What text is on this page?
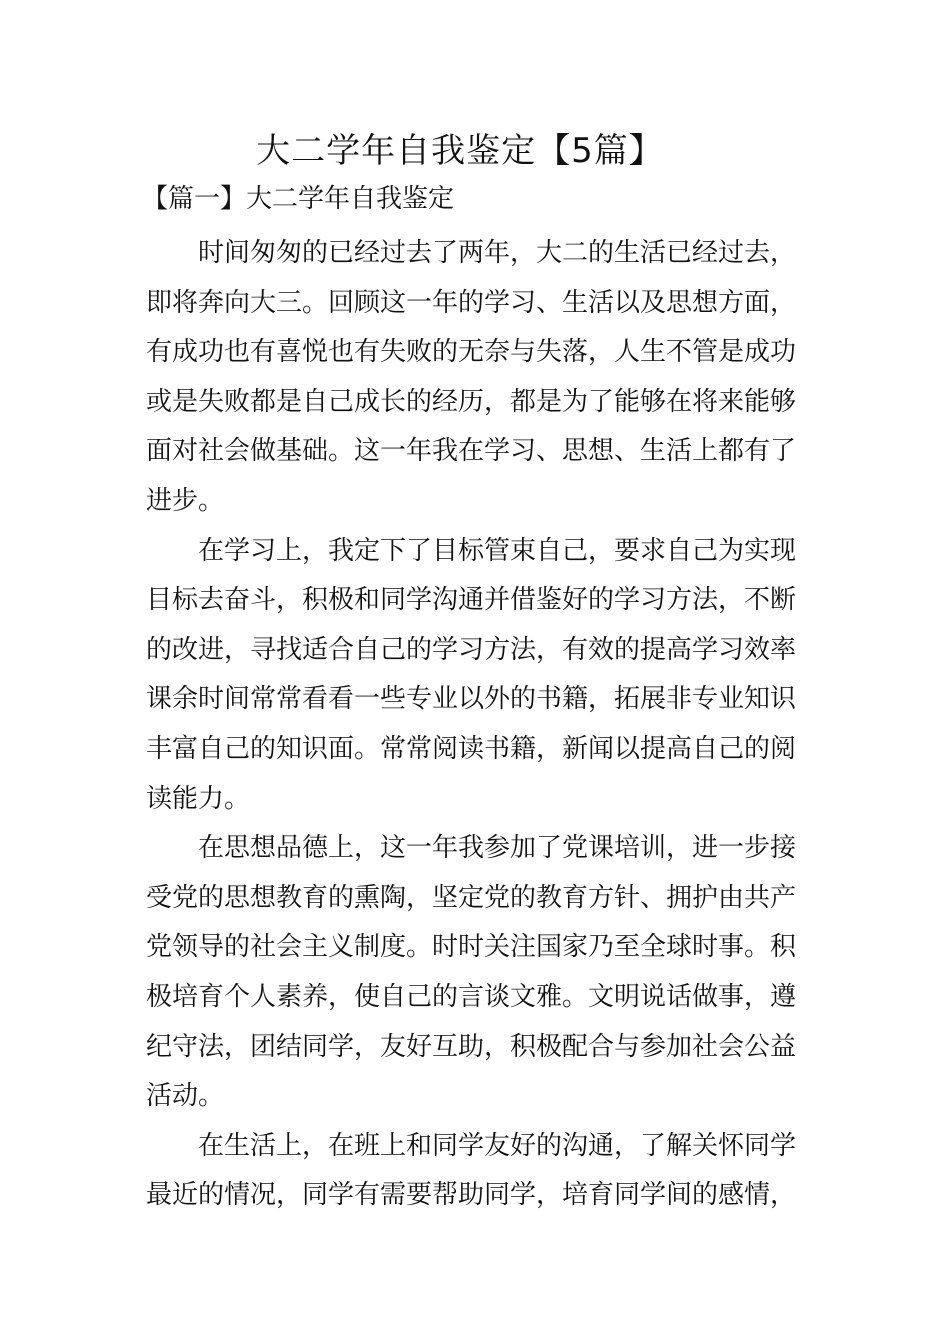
大二学年自我鉴定【5篇】
【篇一】大二学年自我鉴定

时间匆匆的已经过去了两年，大二的生活已经过去，
即将奔向大三。回顾这一年的学习、生活以及思想方面，
有成功也有喜悦也有失败的无奈与失落，人生不管是成功
或是失败都是自己成长的经历，都是为了能够在将来能够
面对社会做基础。这一年我在学习、思想、生活上都有了
进步。

在学习上，我定下了目标管束自己，要求自己为实现
目标去奋斗，积极和同学沟通并借鉴好的学习方法，不断
的改进，寻找适合自己的学习方法，有效的提高学习效率
课余时间常常看看一些专业以外的书籍，拓展非专业知识
丰富自己的知识面。常常阅读书籍，新闻以提高自己的阅
读能力。

在思想品德上，这一年我参加了党课培训，进一步接
受党的思想教育的熏陶，坚定党的教育方针、拥护由共产
党领导的社会主义制度。时时关注国家乃至全球时事。积
极培育个人素养，使自己的言谈文雅。文明说话做事，遵
纪守法，团结同学，友好互助，积极配合与参加社会公益
活动。

在生活上，在班上和同学友好的沟通，了解关怀同学
最近的情况，同学有需要帮助同学，培育同学间的感情，
